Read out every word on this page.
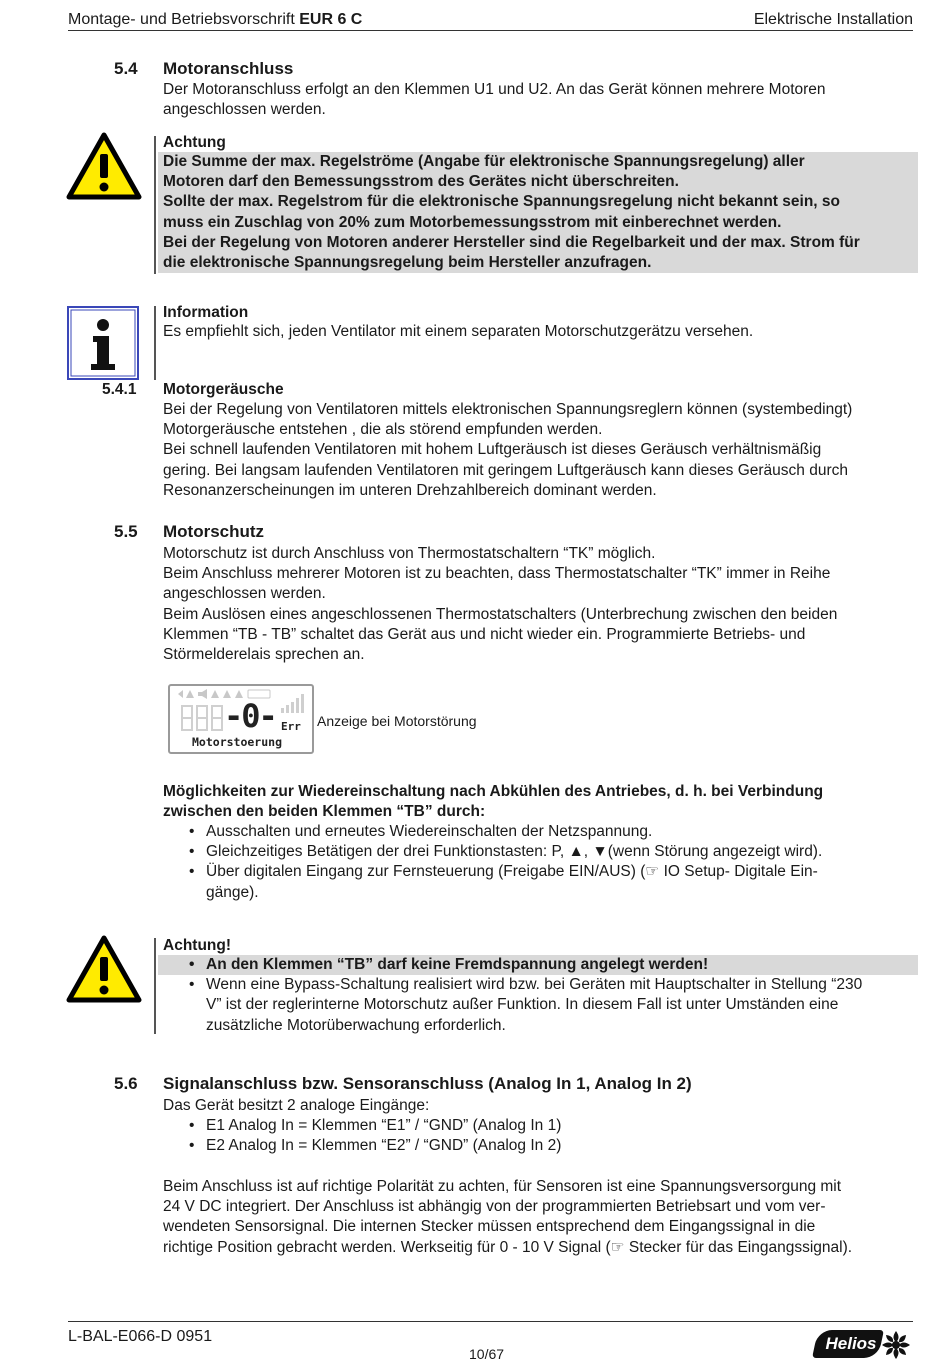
Montage- und Betriebsvorschrift EUR 6 C	Elektrische Installation
5.4 Motoranschluss
Der Motoranschluss erfolgt an den Klemmen U1 und U2. An das Gerät können mehrere Motoren
angeschlossen werden.
Achtung
Die Summe der max. Regelströme (Angabe für elektronische Spannungsregelung) aller
Motoren darf den Bemessungsstrom des Gerätes nicht überschreiten.
Sollte der max. Regelstrom für die elektronische Spannungsregelung nicht bekannt sein, so
muss ein Zuschlag von 20% zum Motorbemessungsstrom mit einberechnet werden.
Bei der Regelung von Motoren anderer Hersteller sind die Regelbarkeit und der max. Strom für
die elektronische Spannungsregelung beim Hersteller anzufragen.
Information
Es empfiehlt sich, jeden Ventilator mit einem separaten Motorschutzgerätzu versehen.
5.4.1 Motorgeräusche
Bei der Regelung von Ventilatoren mittels elektronischen Spannungsreglern können (systembedingt)
Motorgeräusche entstehen , die als störend empfunden werden.
Bei schnell laufenden Ventilatoren mit hohem Luftgeräusch ist dieses Geräusch verhältnismäßig
gering. Bei langsam laufenden Ventilatoren mit geringem Luftgeräusch kann dieses Geräusch durch
Resonanzerscheinungen im unteren Drehzahlbereich dominant werden.
5.5 Motorschutz
Motorschutz ist durch Anschluss von Thermostatschaltern “TK” möglich.
Beim Anschluss mehrerer Motoren ist zu beachten, dass Thermostatschalter “TK” immer in Reihe
angeschlossen werden.
Beim Auslösen eines angeschlossenen Thermostatschalters (Unterbrechung zwischen den beiden
Klemmen “TB - TB” schaltet das Gerät aus und nicht wieder ein. Programmierte Betriebs- und
Störmelderelais sprechen an.
-0- Err
Motorstoerung
Anzeige bei Motorstörung
Möglichkeiten zur Wiedereinschaltung nach Abkühlen des Antriebes, d. h. bei Verbindung
zwischen den beiden Klemmen “TB” durch:
• Ausschalten und erneutes Wiedereinschalten der Netzspannung.
• Gleichzeitiges Betätigen der drei Funktionstasten: P, ▲, ▼(wenn Störung angezeigt wird).
• Über digitalen Eingang zur Fernsteuerung (Freigabe EIN/AUS) (☞ IO Setup- Digitale Ein-
gänge).
Achtung!
• An den Klemmen “TB” darf keine Fremdspannung angelegt werden!
• Wenn eine Bypass-Schaltung realisiert wird bzw. bei Geräten mit Hauptschalter in Stellung “230
V” ist der reglerinterne Motorschutz außer Funktion. In diesem Fall ist unter Umständen eine
zusätzliche Motorüberwachung erforderlich.
5.6 Signalanschluss bzw. Sensoranschluss (Analog In 1, Analog In 2)
Das Gerät besitzt 2 analoge Eingänge:
• E1 Analog In = Klemmen “E1” / “GND” (Analog In 1)
• E2 Analog In = Klemmen “E2” / “GND” (Analog In 2)
Beim Anschluss ist auf richtige Polarität zu achten, für Sensoren ist eine Spannungsversorgung mit
24 V DC integriert. Der Anschluss ist abhängig von der programmierten Betriebsart und vom ver-
wendeten Sensorsignal. Die internen Stecker müssen entsprechend dem Eingangssignal in die
richtige Position gebracht werden. Werkseitig für 0 - 10 V Signal (☞ Stecker für das Eingangssignal).
L-BAL-E066-D 0951
10/67
Helios
